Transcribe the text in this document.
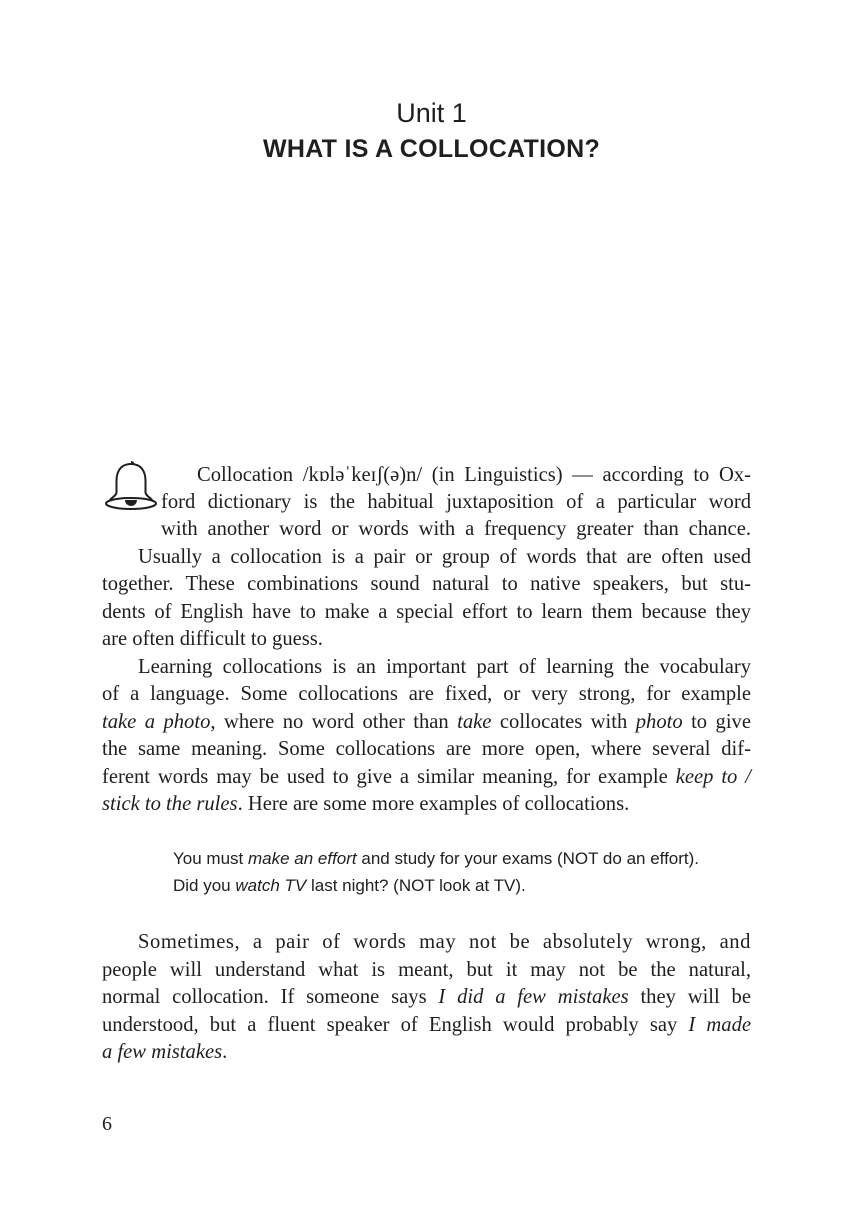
Unit 1
WHAT IS A COLLOCATION?
Collocation /kɒləˈkeɪʃ(ə)n/ (in Linguistics) — according to Ox-
ford dictionary is the habitual juxtaposition of a particular word
with another word or words with a frequency greater than chance.
Usually a collocation is a pair or group of words that are often used
together. These combinations sound natural to native speakers, but stu-
dents of English have to make a special effort to learn them because they
are often difficult to guess.
Learning collocations is an important part of learning the vocabulary
of a language. Some collocations are fixed, or very strong, for example
take a photo, where no word other than take collocates with photo to give
the same meaning. Some collocations are more open, where several dif-
ferent words may be used to give a similar meaning, for example keep to /
stick to the rules. Here are some more examples of collocations.
You must make an effort and study for your exams (NOT do an effort).
Did you watch TV last night? (NOT look at TV).
Sometimes, a pair of words may not be absolutely wrong, and
people will understand what is meant, but it may not be the natural,
normal collocation. If someone says I did a few mistakes they will be
understood, but a fluent speaker of English would probably say I made
a few mistakes.
6
